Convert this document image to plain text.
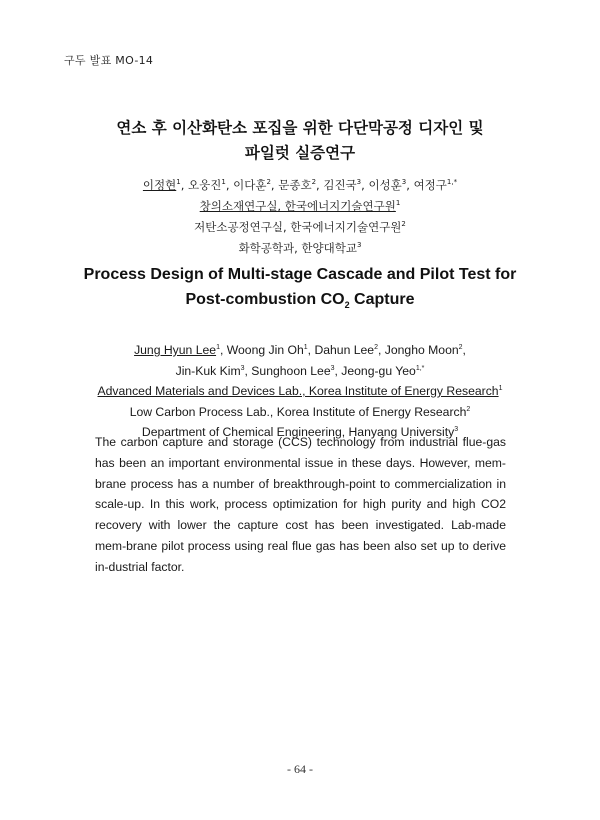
구두 발표 MO-14
연소 후 이산화탄소 포집을 위한 다단막공정 디자인 및
파일럿 실증연구
이정현$^1$, 오웅진$^1$, 이다훈$^2$, 문종호$^2$, 김진국$^3$, 이성훈$^3$, 여정구$^{1,*}$
창의소재연구실, 한국에너지기술연구원$^1$
저탄소공정연구실, 한국에너지기술연구원$^2$
화학공학과, 한양대학교$^3$
Process Design of Multi-stage Cascade and Pilot Test for
Post-combustion $CO_2$ Capture
Jung Hyun Lee$^1$, Woong Jin Oh$^1$, Dahun Lee$^2$, Jongho Moon$^2$,
Jin-Kuk Kim$^3$, Sunghoon Lee$^3$, Jeong-gu Yeo$^{1,*}$
Advanced Materials and Devices Lab., Korea Institute of Energy Research$^1$
Low Carbon Process Lab., Korea Institute of Energy Research$^2$
Department of Chemical Engineering, Hanyang University$^3$
The carbon capture and storage (CCS) technology from industrial flue-gas has been an important environmental issue in these days. However, mem-brane process has a number of breakthrough-point to commercialization in scale-up. In this work, process optimization for high purity and high CO2 recovery with lower the capture cost has been investigated. Lab-made mem-brane pilot process using real flue gas has been also set up to derive in-dustrial factor.
- 64 -
